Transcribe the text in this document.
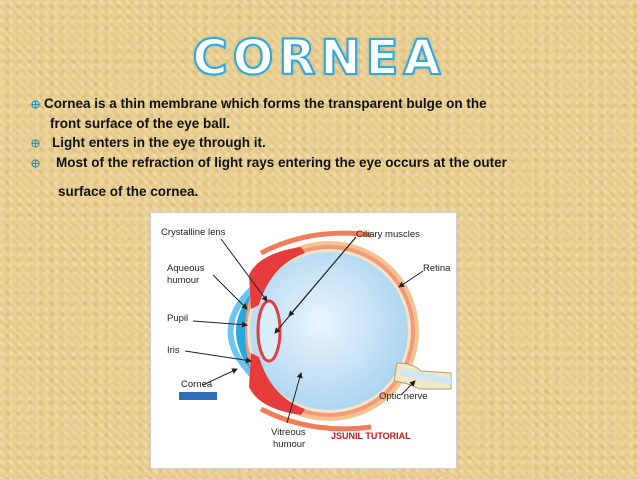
CORNEA
Cornea is a thin membrane which forms the transparent bulge on the
front surface of the eye ball.
Light enters in the eye through it.
Most of the refraction of light rays entering the eye occurs at the outer
surface of the cornea.
Crystalline lens	Ciliary muscles
Aqueous
humour
Retina
Pupil
Iris
Cornea
Optic nerve
Vitreous
humour
JSUNIL TUTORIAL
